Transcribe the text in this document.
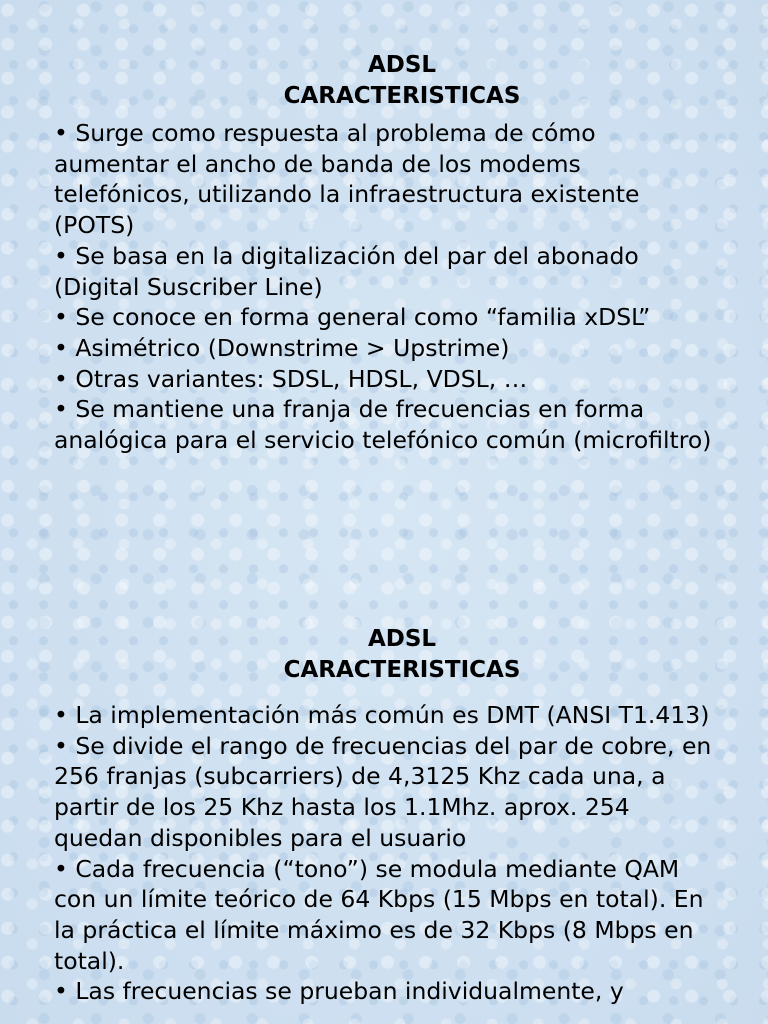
ADSL
CARACTERISTICAS
• Surge como respuesta al problema de cómo aumentar el ancho de banda de los modems telefónicos, utilizando la infraestructura existente (POTS)
• Se basa en la digitalización del par del abonado (Digital Suscriber Line)
• Se conoce en forma general como “familia xDSL”
• Asimétrico (Downstrime > Upstrime)
• Otras variantes: SDSL, HDSL, VDSL, …
• Se mantiene una franja de frecuencias en forma analógica para el servicio telefónico común (microfiltro)
ADSL
CARACTERISTICAS
• La implementación más común es DMT (ANSI T1.413)
• Se divide el rango de frecuencias del par de cobre, en 256 franjas (subcarriers) de 4,3125 Khz cada una, a partir de los 25 Khz hasta los 1.1Mhz. aprox. 254 quedan disponibles para el usuario
• Cada frecuencia (“tono”) se modula mediante QAM con un límite teórico de 64 Kbps (15 Mbps en total). En la práctica el límite máximo es de 32 Kbps (8 Mbps en total).
• Las frecuencias se prueban individualmente, y
